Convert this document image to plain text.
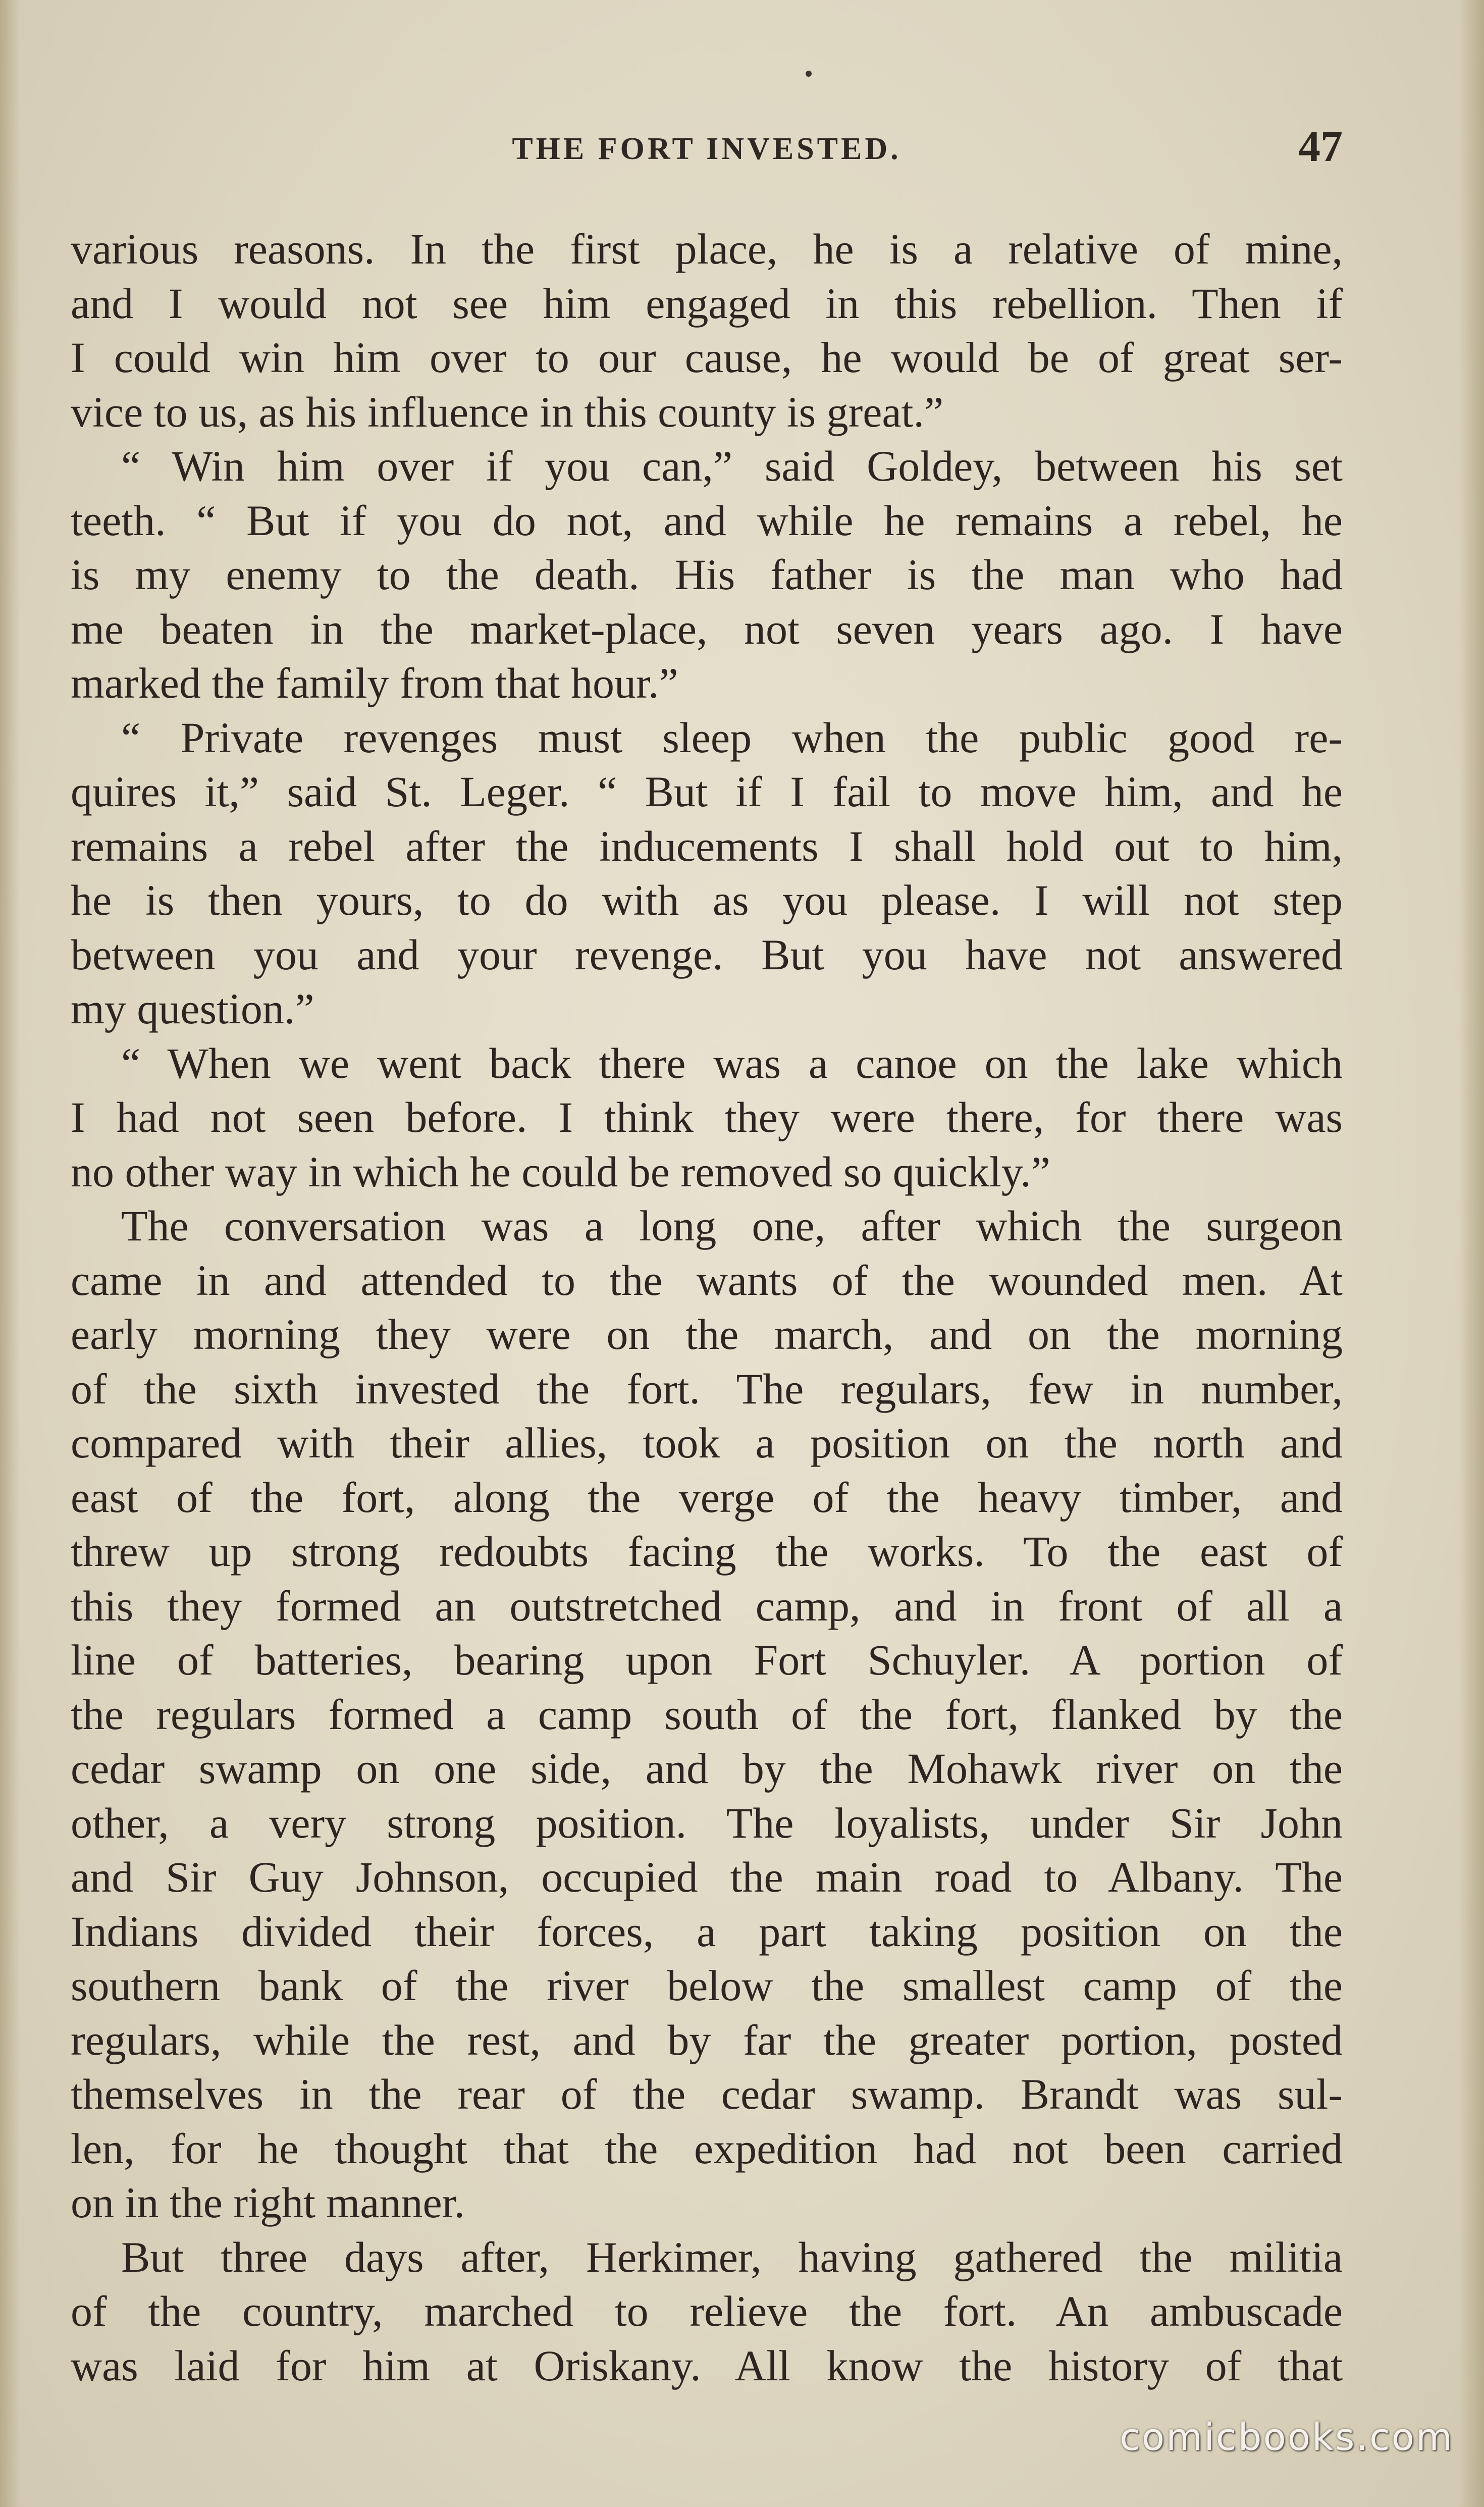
THE FORT INVESTED.	47
various reasons. In the first place, he is a relative of mine,
and I would not see him engaged in this rebellion. Then if
I could win him over to our cause, he would be of great ser-
vice to us, as his influence in this county is great.”
“ Win him over if you can,” said Goldey, between his set
teeth. “ But if you do not, and while he remains a rebel, he
is my enemy to the death. His father is the man who had
me beaten in the market-place, not seven years ago. I have
marked the family from that hour.”
“ Private revenges must sleep when the public good re-
quires it,” said St. Leger. “ But if I fail to move him, and he
remains a rebel after the inducements I shall hold out to him,
he is then yours, to do with as you please. I will not step
between you and your revenge. But you have not answered
my question.”
“ When we went back there was a canoe on the lake which
I had not seen before. I think they were there, for there was
no other way in which he could be removed so quickly.”
The conversation was a long one, after which the surgeon
came in and attended to the wants of the wounded men. At
early morning they were on the march, and on the morning
of the sixth invested the fort. The regulars, few in number,
compared with their allies, took a position on the north and
east of the fort, along the verge of the heavy timber, and
threw up strong redoubts facing the works. To the east of
this they formed an outstretched camp, and in front of all a
line of batteries, bearing upon Fort Schuyler. A portion of
the regulars formed a camp south of the fort, flanked by the
cedar swamp on one side, and by the Mohawk river on the
other, a very strong position. The loyalists, under Sir John
and Sir Guy Johnson, occupied the main road to Albany. The
Indians divided their forces, a part taking position on the
southern bank of the river below the smallest camp of the
regulars, while the rest, and by far the greater portion, posted
themselves in the rear of the cedar swamp. Brandt was sul-
len, for he thought that the expedition had not been carried
on in the right manner.
But three days after, Herkimer, having gathered the militia
of the country, marched to relieve the fort. An ambuscade
was laid for him at Oriskany. All know the history of that
comicbooks.com
